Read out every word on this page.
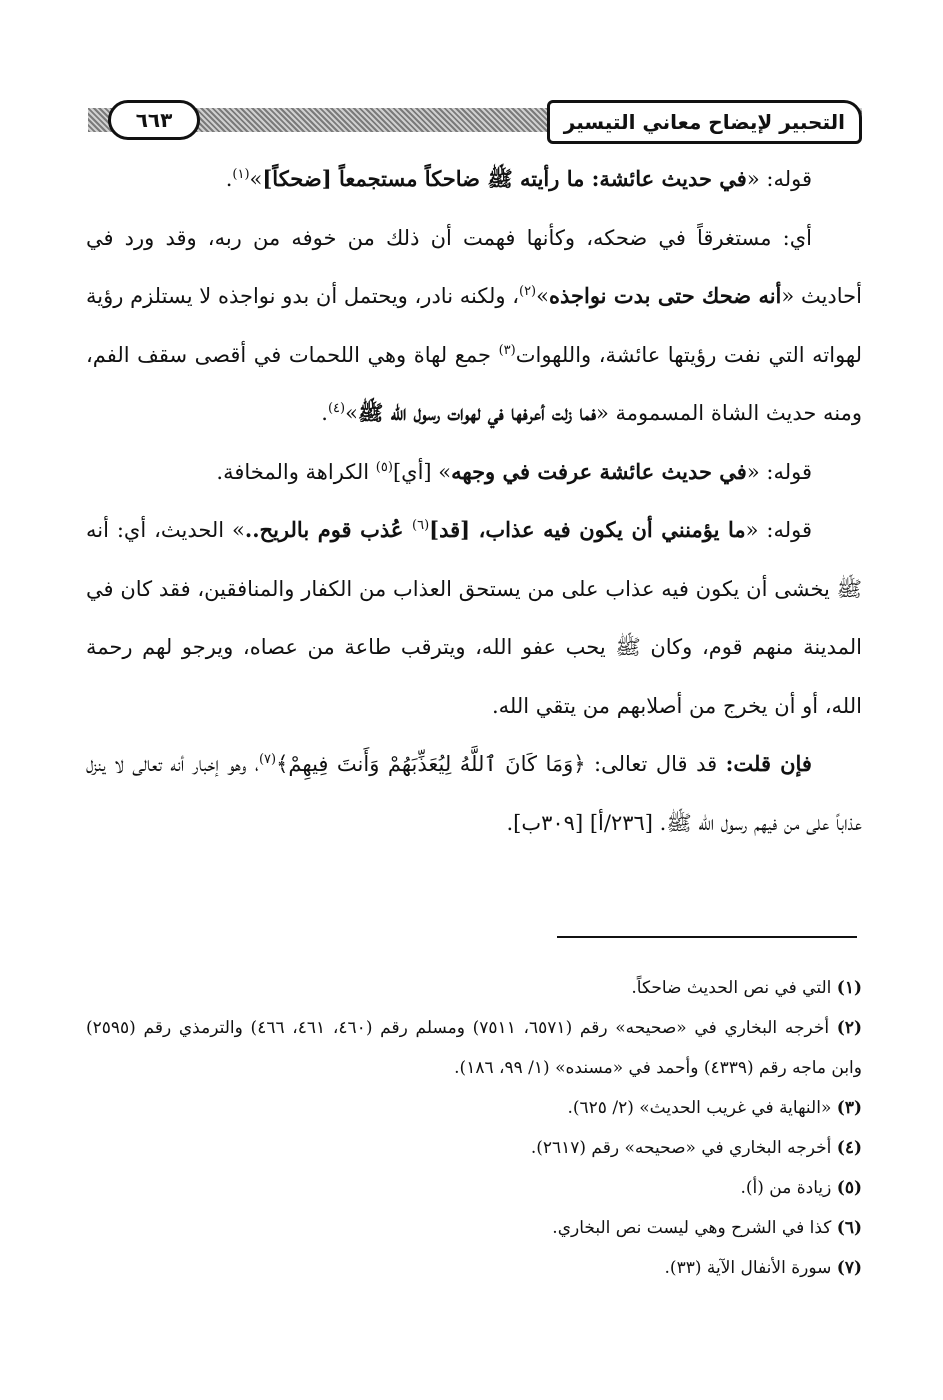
التحبير لإيضاح معاني التيسير
٦٦٣

قوله: «في حديث عائشة: ما رأيته ﷺ ضاحكاً مستجمعاً [ضحكاً]»$^{(١)}$.

أي: مستغرقاً في ضحكه، وكأنها فهمت أن ذلك من خوفه من ربه، وقد ورد في أحاديث «أنه ضحك حتى بدت نواجذه»$^{(٢)}$، ولكنه نادر، ويحتمل أن بدو نواجذه لا يستلزم رؤية لهواته التي نفت رؤيتها عائشة، واللهوات$^{(٣)}$ جمع لهاة وهي اللحمات في أقصى سقف الفم، ومنه حديث الشاة المسمومة «فما زلت أعرفها في لهوات رسول الله ﷺ»$^{(٤)}$.

قوله: «في حديث عائشة عرفت في وجهه» [أي]$^{(٥)}$ الكراهة والمخافة.

قوله: «ما يؤمنني أن يكون فيه عذاب، [قد]$^{(٦)}$ عُذب قوم بالريح..» الحديث، أي: أنه ﷺ يخشى أن يكون فيه عذاب على من يستحق العذاب من الكفار والمنافقين، فقد كان في المدينة منهم قوم، وكان ﷺ يحب عفو الله، ويترقب طاعة من عصاه، ويرجو لهم رحمة الله، أو أن يخرج من أصلابهم من يتقي الله.

فإن قلت: قد قال تعالى: ﴿وَمَا كَانَ ٱللَّهُ لِيُعَذِّبَهُمْ وَأَنتَ فِيهِمْ﴾$^{(٧)}$، وهو إخبار أنه تعالى لا ينزل عذاباً على من فيهم رسول الله ﷺ. [٢٣٦/أ] [٣٠٩ب].

(١) التي في نص الحديث ضاحكاً.

(٢) أخرجه البخاري في «صحيحه» رقم (٦٥٧١، ٧٥١١) ومسلم رقم (٤٦٠، ٤٦١، ٤٦٦) والترمذي رقم (٢٥٩٥) وابن ماجه رقم (٤٣٣٩) وأحمد في «مسنده» (١/ ٩٩، ١٨٦).

(٣) «النهاية في غريب الحديث» (٢/ ٦٢٥).

(٤) أخرجه البخاري في «صحيحه» رقم (٢٦١٧).

(٥) زيادة من (أ).

(٦) كذا في الشرح وهي ليست نص البخاري.

(٧) سورة الأنفال الآية (٣٣).
